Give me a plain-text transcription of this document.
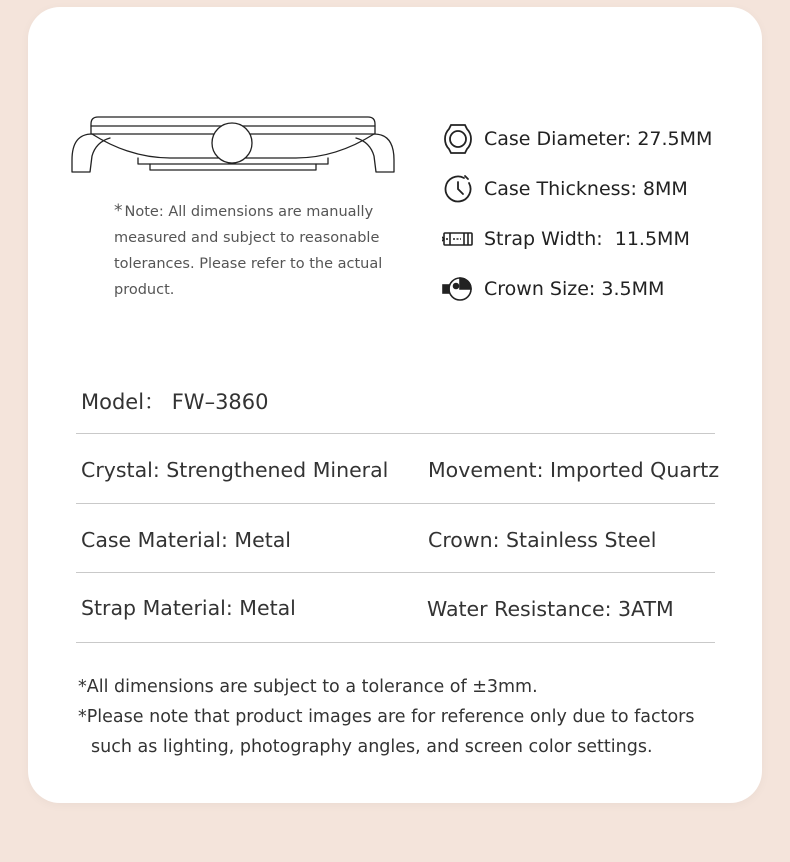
* Note: All dimensions are manually measured and subject to reasonable tolerances. Please refer to the actual product.
Case Diameter: 27.5MM
Case Thickness: 8MM
Strap Width:  11.5MM
Crown Size: 3.5MM
Model： FW–3860
Crystal: Strengthened Mineral Movement: Imported Quartz
Case Material: Metal	Crown: Stainless Steel
Strap Material: Metal	Water Resistance: 3ATM
*All dimensions are subject to a tolerance of ±3mm.
*Please note that product images are for reference only due to factors
such as lighting, photography angles, and screen color settings.
